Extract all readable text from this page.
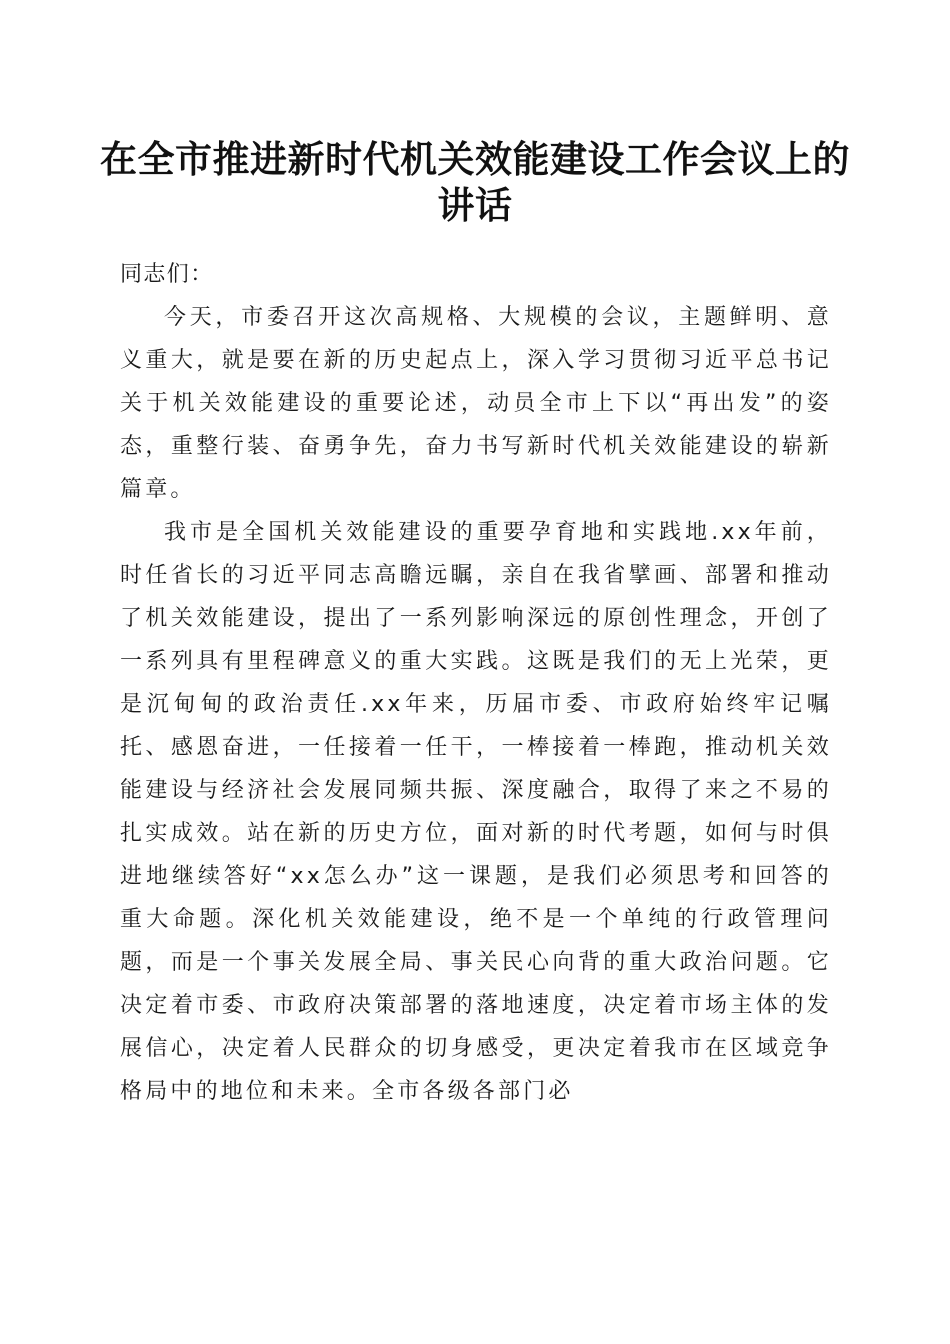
在全市推进新时代机关效能建设工作会议上的讲话

同志们：

今天，市委召开这次高规格、大规模的会议，主题鲜明、意义重大，就是要在新的历史起点上，深入学习贯彻习近平总书记关于机关效能建设的重要论述，动员全市上下以“再出发”的姿态，重整行装、奋勇争先，奋力书写新时代机关效能建设的崭新篇章。

我市是全国机关效能建设的重要孕育地和实践地.xx年前，时任省长的习近平同志高瞻远瞩，亲自在我省擘画、部署和推动了机关效能建设，提出了一系列影响深远的原创性理念，开创了一系列具有里程碑意义的重大实践。这既是我们的无上光荣，更是沉甸甸的政治责任.xx年来，历届市委、市政府始终牢记嘱托、感恩奋进，一任接着一任干，一棒接着一棒跑，推动机关效能建设与经济社会发展同频共振、深度融合，取得了来之不易的扎实成效。站在新的历史方位，面对新的时代考题，如何与时俱进地继续答好“xx怎么办”这一课题，是我们必须思考和回答的重大命题。深化机关效能建设，绝不是一个单纯的行政管理问题，而是一个事关发展全局、事关民心向背的重大政治问题。它决定着市委、市政府决策部署的落地速度，决定着市场主体的发展信心，决定着人民群众的切身感受，更决定着我市在区域竞争格局中的地位和未来。全市各级各部门必
